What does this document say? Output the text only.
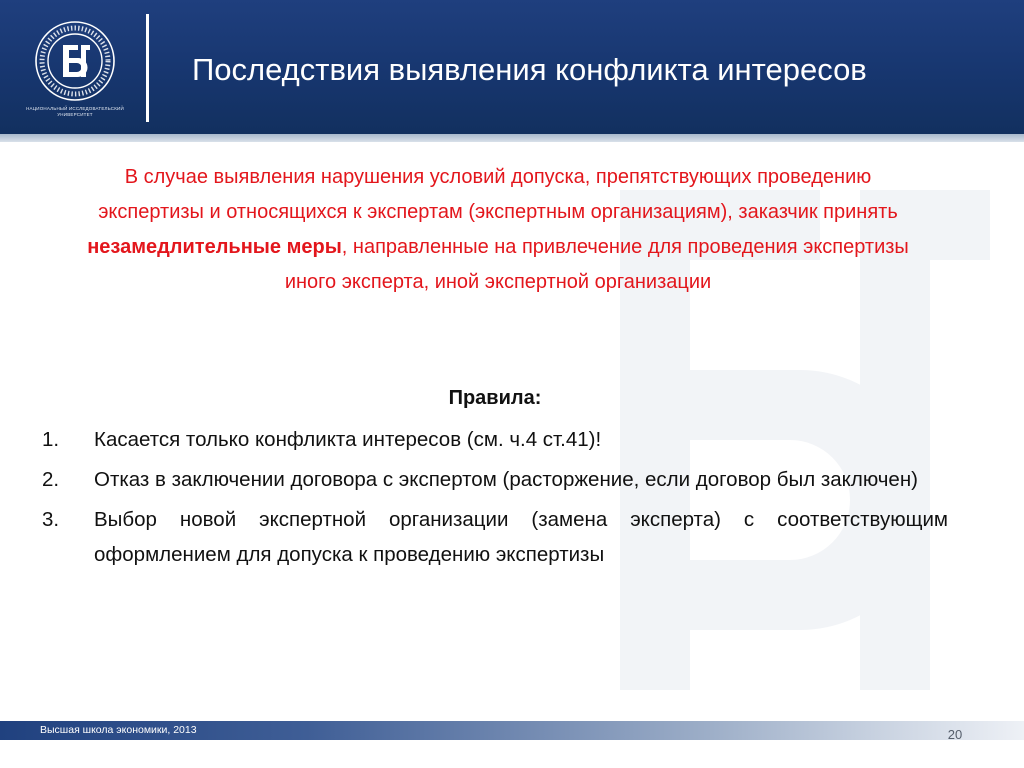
НАЦИОНАЛЬНЫЙ ИССЛЕДОВАТЕЛЬСКИЙ УНИВЕРСИТЕТ
Последствия выявления конфликта интересов
В случае выявления нарушения условий допуска, препятствующих проведению экспертизы и относящихся к экспертам (экспертным организациям), заказчик принять незамедлительные меры, направленные на привлечение для проведения экспертизы иного эксперта, иной экспертной организации
Правила:
1. Касается только конфликта интересов (см. ч.4 ст.41)!
2. Отказ в заключении договора с экспертом (расторжение, если договор был заключен)
3. Выбор новой экспертной организации (замена эксперта) с соответствующим оформлением для допуска к проведению экспертизы
Высшая школа экономики, 2013	20
